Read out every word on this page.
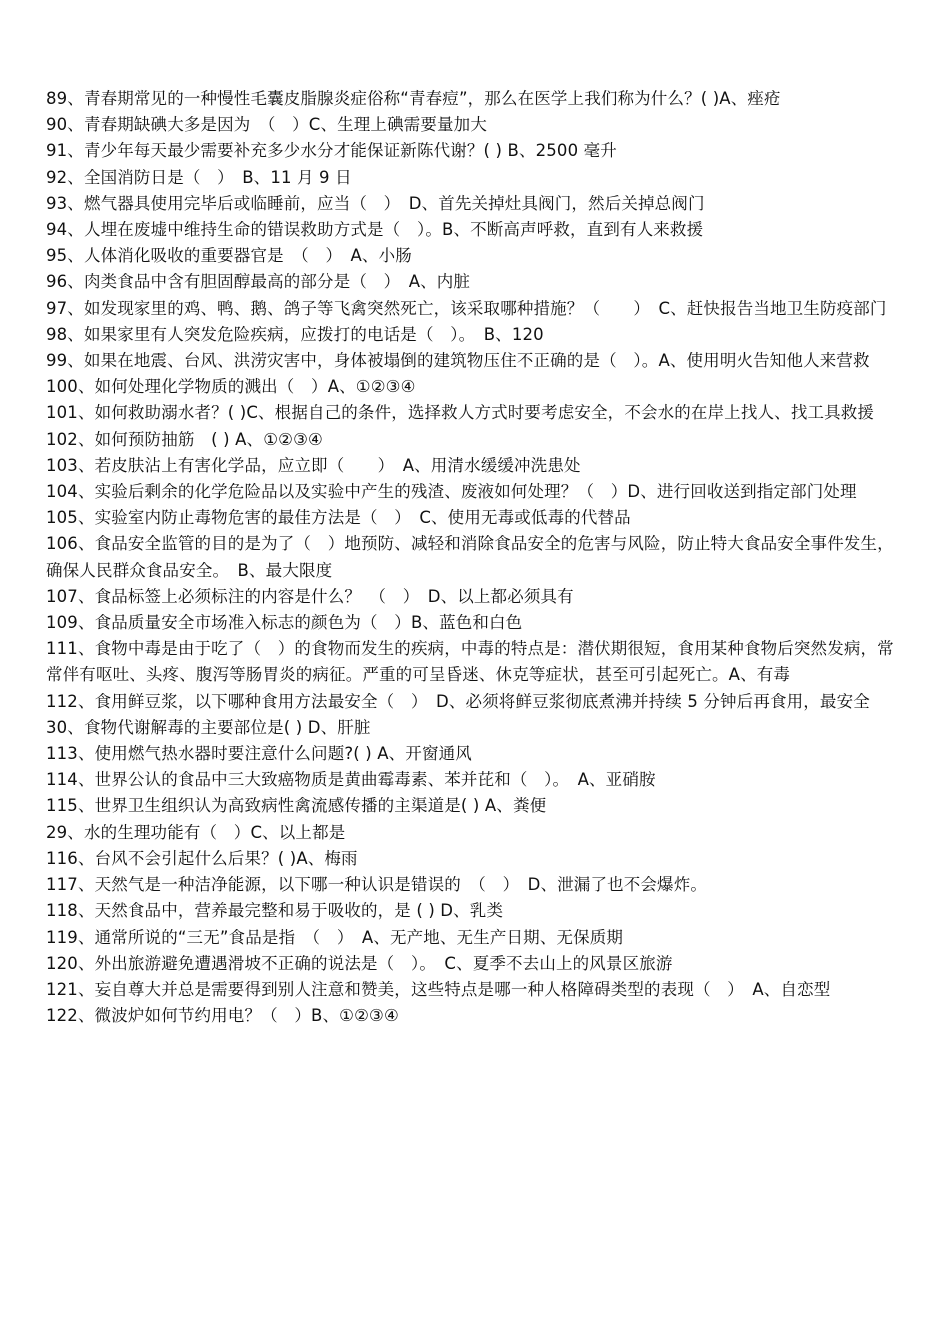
89、青春期常见的一种慢性毛囊皮脂腺炎症俗称“青春痘”，那么在医学上我们称为什么？( )A、痤疮

90、青春期缺碘大多是因为　（　）C、生理上碘需要量加大

91、青少年每天最少需要补充多少水分才能保证新陈代谢？( ) B、2500 毫升

92、全国消防日是（　）　B、11 月 9 日

93、燃气器具使用完毕后或临睡前，应当（　）　D、首先关掉灶具阀门，然后关掉总阀门

94、人埋在废墟中维持生命的错误救助方式是（　）。B、不断高声呼救，直到有人来救援

95、人体消化吸收的重要器官是　（　）　A、小肠

96、肉类食品中含有胆固醇最高的部分是（　）　A、内脏

97、如发现家里的鸡、鸭、鹅、鸽子等飞禽突然死亡，该采取哪种措施？（　　）　C、赶快报告当地卫生防疫部门

98、如果家里有人突发危险疾病，应拨打的电话是（　）。　B、120

99、如果在地震、台风、洪涝灾害中，身体被塌倒的建筑物压住不正确的是（　）。A、使用明火告知他人来营救

100、如何处理化学物质的溅出（　）A、①②③④

101、如何救助溺水者？( )C、根据自己的条件，选择救人方式时要考虑安全，不会水的在岸上找人、找工具救援

102、如何预防抽筋　( ) A、①②③④

103、若皮肤沾上有害化学品，应立即（　　）　A、用清水缓缓冲洗患处

104、实验后剩余的化学危险品以及实验中产生的残渣、废液如何处理？（　）D、进行回收送到指定部门处理

105、实验室内防止毒物危害的最佳方法是（　）　C、使用无毒或低毒的代替品

106、食品安全监管的目的是为了（　）地预防、减轻和消除食品安全的危害与风险，防止特大食品安全事件发生，确保人民群众食品安全。　B、最大限度

107、食品标签上必须标注的内容是什么？　（　）　D、以上都必须具有

109、食品质量安全市场准入标志的颜色为（　）B、蓝色和白色

111、食物中毒是由于吃了（　）的食物而发生的疾病，中毒的特点是：潜伏期很短，食用某种食物后突然发病，常常伴有呕吐、头疼、腹泻等肠胃炎的病征。严重的可呈昏迷、休克等症状，甚至可引起死亡。A、有毒

112、食用鲜豆浆，以下哪种食用方法最安全（　）　D、必须将鲜豆浆彻底煮沸并持续 5 分钟后再食用，最安全

30、食物代谢解毒的主要部位是( ) D、肝脏

113、使用燃气热水器时要注意什么问题?( ) A、开窗通风

114、世界公认的食品中三大致癌物质是黄曲霉毒素、苯并芘和（　）。　A、亚硝胺

115、世界卫生组织认为高致病性禽流感传播的主渠道是( ) A、粪便

29、水的生理功能有（　）C、以上都是

116、台风不会引起什么后果？( )A、梅雨

117、天然气是一种洁净能源，以下哪一种认识是错误的　（　）　D、泄漏了也不会爆炸。

118、天然食品中，营养最完整和易于吸收的，是 ( ) D、乳类

119、通常所说的“三无”食品是指　（　）　A、无产地、无生产日期、无保质期

120、外出旅游避免遭遇滑坡不正确的说法是（　）。　C、夏季不去山上的风景区旅游

121、妄自尊大并总是需要得到别人注意和赞美，这些特点是哪一种人格障碍类型的表现（　）　A、自恋型

122、微波炉如何节约用电？（　）B、①②③④
